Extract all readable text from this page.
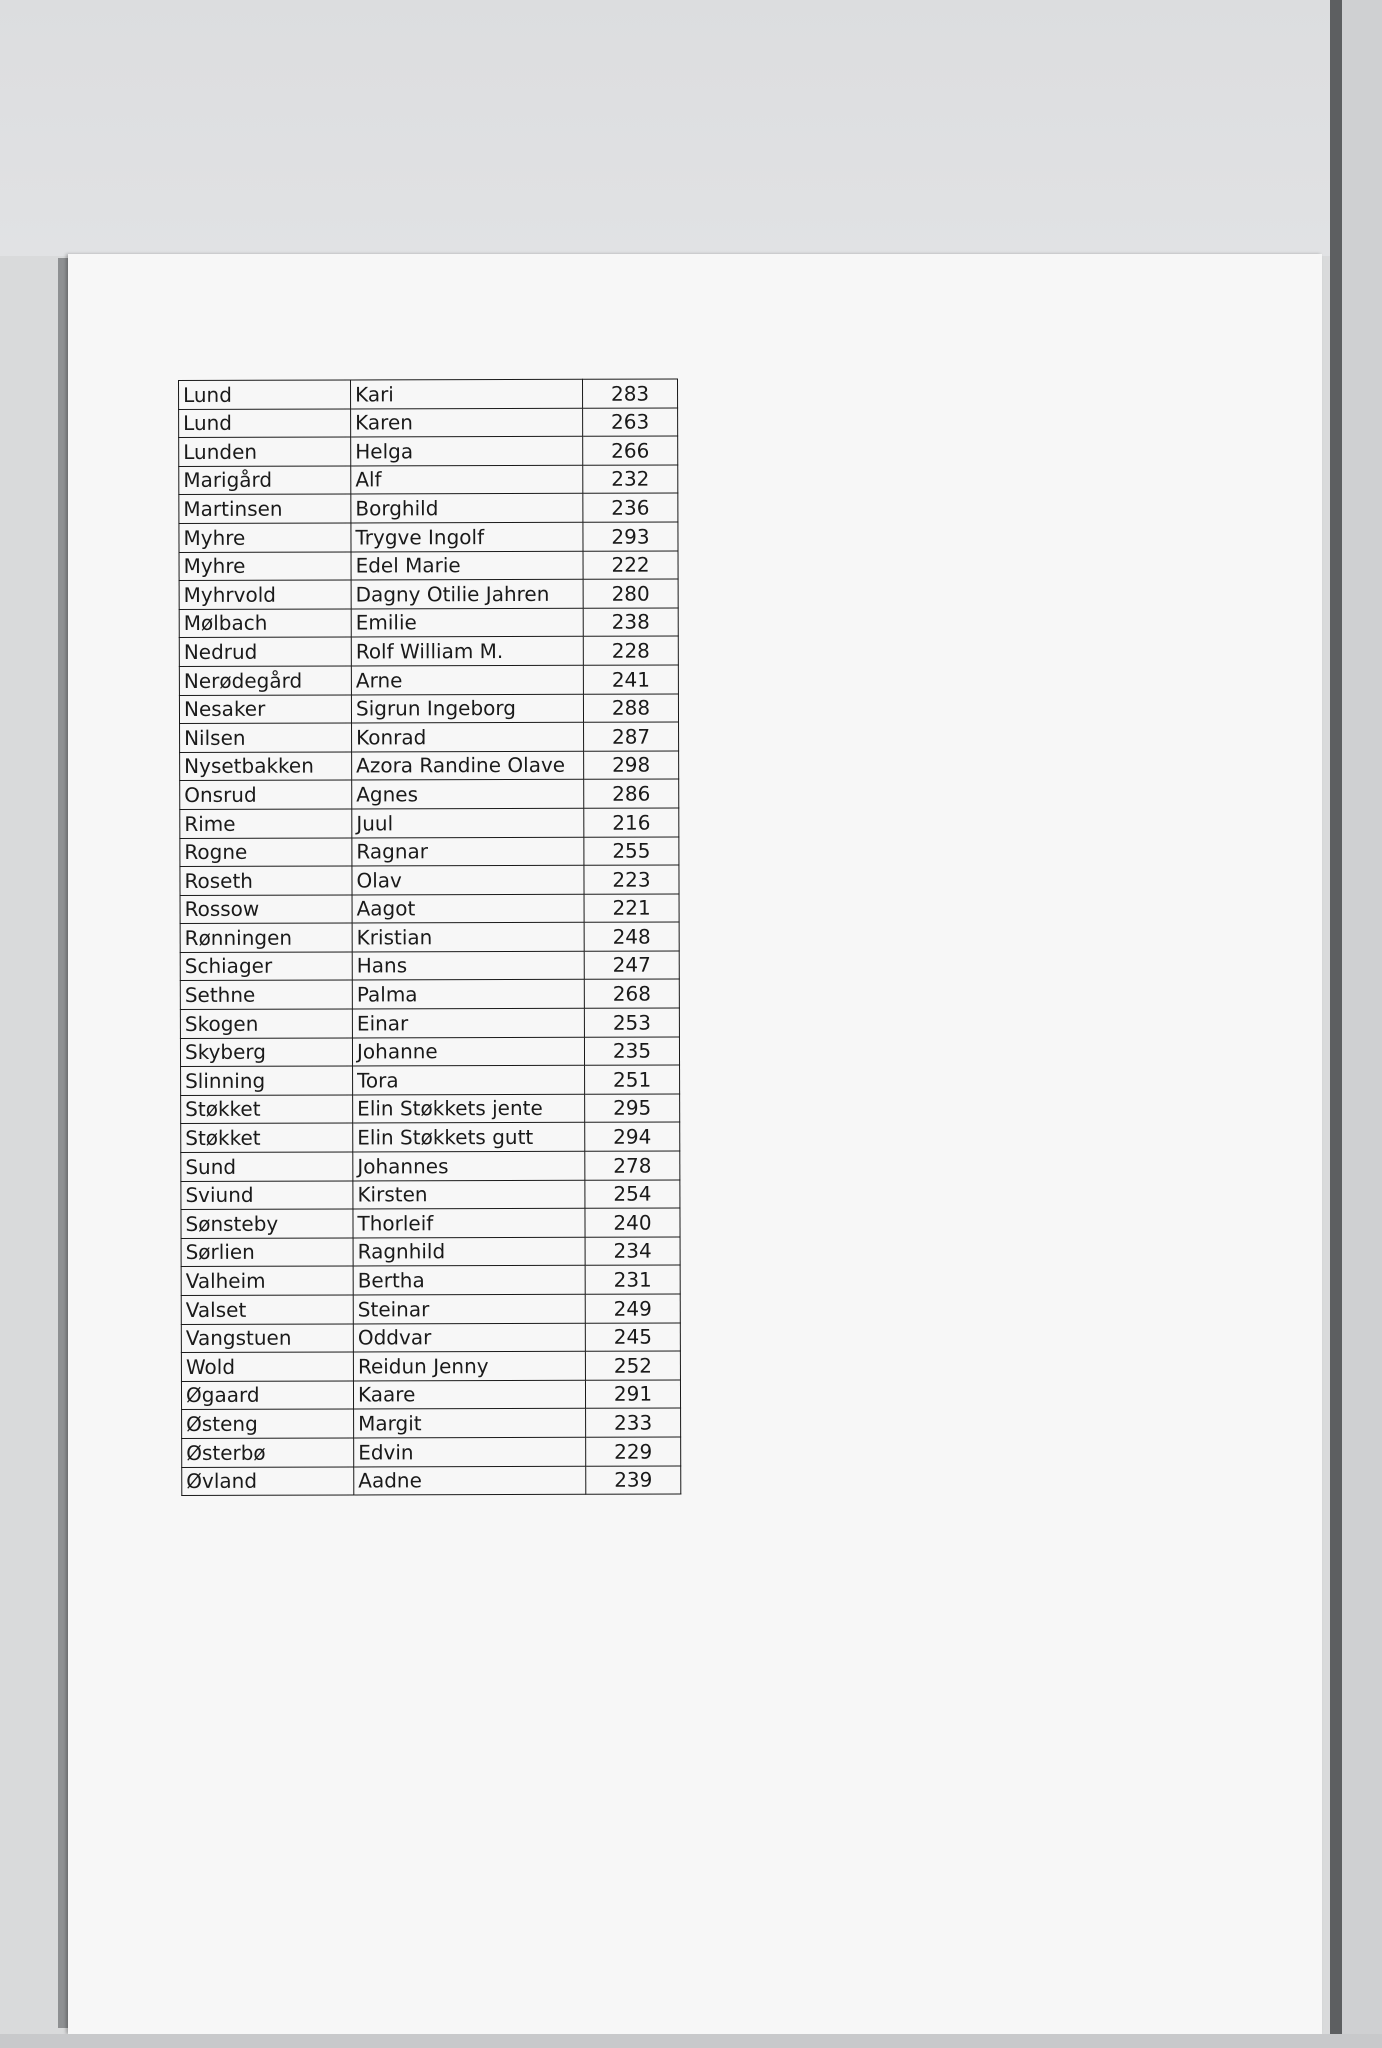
Lund	Kari	283
Lund	Karen	263
Lunden	Helga	266
Marigård	Alf	232
Martinsen	Borghild	236
Myhre	Trygve Ingolf	293
Myhre	Edel Marie	222
Myhrvold	Dagny Otilie Jahren	280
Mølbach	Emilie	238
Nedrud	Rolf William M.	228
Nerødegård	Arne	241
Nesaker	Sigrun Ingeborg	288
Nilsen	Konrad	287
Nysetbakken	Azora Randine Olave	298
Onsrud	Agnes	286
Rime	Juul	216
Rogne	Ragnar	255
Roseth	Olav	223
Rossow	Aagot	221
Rønningen	Kristian	248
Schiager	Hans	247
Sethne	Palma	268
Skogen	Einar	253
Skyberg	Johanne	235
Slinning	Tora	251
Støkket	Elin Støkkets jente	295
Støkket	Elin Støkkets gutt	294
Sund	Johannes	278
Sviund	Kirsten	254
Sønsteby	Thorleif	240
Sørlien	Ragnhild	234
Valheim	Bertha	231
Valset	Steinar	249
Vangstuen	Oddvar	245
Wold	Reidun Jenny	252
Øgaard	Kaare	291
Østeng	Margit	233
Østerbø	Edvin	229
Øvland	Aadne	239
